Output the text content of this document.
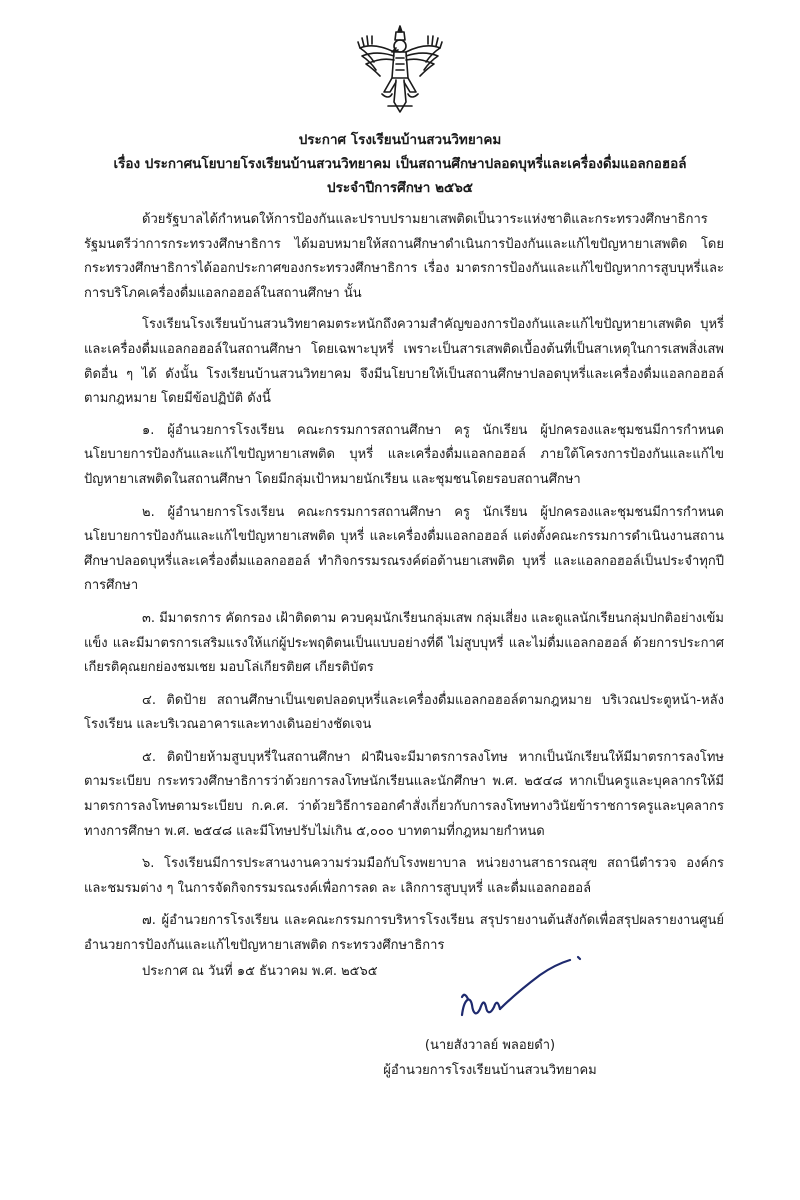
ประกาศ โรงเรียนบ้านสวนวิทยาคม
เรื่อง ประกาศนโยบายโรงเรียนบ้านสวนวิทยาคม เป็นสถานศึกษาปลอดบุหรี่และเครื่องดื่มแอลกอฮอล์
ประจำปีการศึกษา ๒๕๖๕

ด้วยรัฐบาลได้กำหนดให้การป้องกันและปราบปรามยาเสพติดเป็นวาระแห่งชาติและกระทรวงศึกษาธิการ รัฐมนตรีว่าการกระทรวงศึกษาธิการ ได้มอบหมายให้สถานศึกษาดำเนินการป้องกันและแก้ไขปัญหายาเสพติด โดยกระทรวงศึกษาธิการได้ออกประกาศของกระทรวงศึกษาธิการ เรื่อง มาตรการป้องกันและแก้ไขปัญหาการสูบบุหรี่และการบริโภคเครื่องดื่มแอลกอฮอล์ในสถานศึกษา นั้น

โรงเรียนโรงเรียนบ้านสวนวิทยาคมตระหนักถึงความสำคัญของการป้องกันและแก้ไขปัญหายาเสพติด บุหรี่และเครื่องดื่มแอลกอฮอล์ในสถานศึกษา โดยเฉพาะบุหรี่ เพราะเป็นสารเสพติดเบื้องต้นที่เป็นสาเหตุในการเสพสิ่งเสพติดอื่น ๆ ได้ ดังนั้น โรงเรียนบ้านสวนวิทยาคม จึงมีนโยบายให้เป็นสถานศึกษาปลอดบุหรี่และเครื่องดื่มแอลกอฮอล์ตามกฎหมาย โดยมีข้อปฏิบัติ ดังนี้

๑. ผู้อำนวยการโรงเรียน คณะกรรมการสถานศึกษา ครู นักเรียน ผู้ปกครองและชุมชนมีการกำหนดนโยบายการป้องกันและแก้ไขปัญหายาเสพติด บุหรี่ และเครื่องดื่มแอลกอฮอล์ ภายใต้โครงการป้องกันและแก้ไขปัญหายาเสพติดในสถานศึกษา โดยมีกลุ่มเป้าหมายนักเรียน และชุมชนโดยรอบสถานศึกษา

๒. ผู้อำนายการโรงเรียน คณะกรรมการสถานศึกษา ครู นักเรียน ผู้ปกครองและชุมชนมีการกำหนดนโยบายการป้องกันและแก้ไขปัญหายาเสพติด บุหรี่ และเครื่องดื่มแอลกอฮอล์ แต่งตั้งคณะกรรมการดำเนินงานสถานศึกษาปลอดบุหรี่และเครื่องดื่มแอลกอฮอล์ ทำกิจกรรมรณรงค์ต่อต้านยาเสพติด บุหรี่ และแอลกอฮอล์เป็นประจำทุกปีการศึกษา

๓. มีมาตรการ คัดกรอง เฝ้าติดตาม ควบคุมนักเรียนกลุ่มเสพ กลุ่มเสี่ยง และดูแลนักเรียนกลุ่มปกติอย่างเข้มแข็ง และมีมาตรการเสริมแรงให้แก่ผู้ประพฤติตนเป็นแบบอย่างที่ดี ไม่สูบบุหรี่ และไม่ดื่มแอลกอฮอล์ ด้วยการประกาศเกียรติคุณยกย่องชมเชย มอบโล่เกียรติยศ เกียรติบัตร

๔. ติดป้าย สถานศึกษาเป็นเขตปลอดบุหรี่และเครื่องดื่มแอลกอฮอล์ตามกฎหมาย บริเวณประตูหน้า-หลังโรงเรียน และบริเวณอาคารและทางเดินอย่างชัดเจน

๕. ติดป้ายห้ามสูบบุหรี่ในสถานศึกษา ฝ่าฝืนจะมีมาตรการลงโทษ หากเป็นนักเรียนให้มีมาตรการลงโทษตามระเบียบ กระทรวงศึกษาธิการว่าด้วยการลงโทษนักเรียนและนักศึกษา พ.ศ. ๒๕๔๘ หากเป็นครูและบุคลากรให้มีมาตรการลงโทษตามระเบียบ ก.ค.ศ. ว่าด้วยวิธีการออกคำสั่งเกี่ยวกับการลงโทษทางวินัยข้าราชการครูและบุคลากรทางการศึกษา พ.ศ. ๒๕๔๘ และมีโทษปรับไม่เกิน ๕,๐๐๐ บาทตามที่กฎหมายกำหนด

๖. โรงเรียนมีการประสานงานความร่วมมือกับโรงพยาบาล หน่วยงานสาธารณสุข สถานีตำรวจ องค์กรและชมรมต่าง ๆ ในการจัดกิจกรรมรณรงค์เพื่อการลด ละ เลิกการสูบบุหรี่ และดื่มแอลกอฮอล์

๗. ผู้อำนวยการโรงเรียน และคณะกรรมการบริหารโรงเรียน สรุปรายงานต้นสังกัดเพื่อสรุปผลรายงานศูนย์อำนวยการป้องกันและแก้ไขปัญหายาเสพติด กระทรวงศึกษาธิการ

ประกาศ ณ วันที่ ๑๕ ธันวาคม พ.ศ. ๒๕๖๕
(นายสังวาลย์ พลอยดำ)
ผู้อำนวยการโรงเรียนบ้านสวนวิทยาคม
